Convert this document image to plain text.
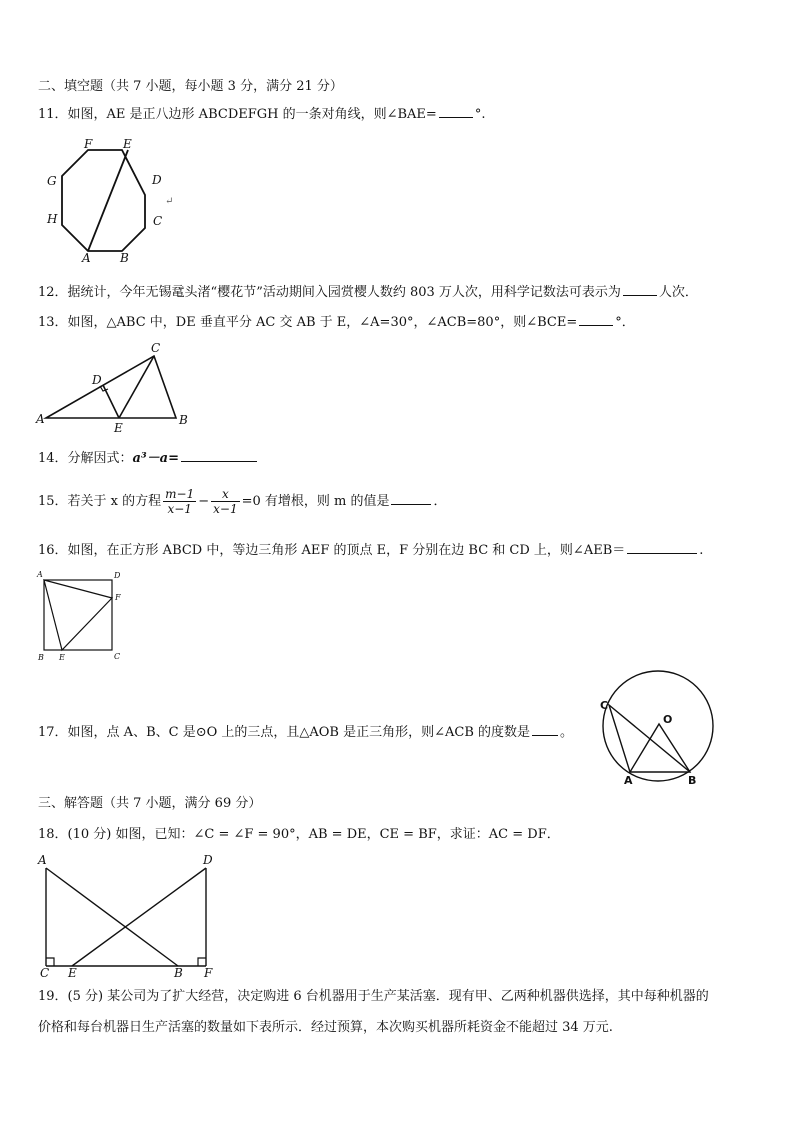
二、填空题（共 7 小题，每小题 3 分，满分 21 分）
11．如图，AE 是正八边形 ABCDEFGH 的一条对角线，则∠BAE=	°.
A B
C
D
E
F
G
H
↵
12．据统计，今年无锡鼋头渚“樱花节”活动期间入园赏樱人数约 803 万人次，用科学记数法可表示为	人次．
13．如图，△ABC 中，DE 垂直平分 AC 交 AB 于 E，∠A=30°，∠ACB=80°，则∠BCE=	°．
A	B
C
D
E
14．分解因式：a³－a=
15．若关于 x 的方程 $\frac{m-1}{x-1} - \frac{x}{x-1} =0$ 有增根，则 m 的值是	．
16．如图，在正方形 ABCD 中，等边三角形 AEF 的顶点 E，F 分别在边 BC 和 CD 上，则∠AEB＝	.
A	D
F
B E	C
17．如图，点 A、B、C 是⊙O 上的三点，且△AOB 是正三角形，则∠ACB 的度数是 。
C
O
A	B
三、解答题（共 7 小题，满分 69 分）
18．(10 分) 如图，已知：∠C = ∠F = 90°，AB = DE，CE = BF，求证：AC = DF．
A	D
C E	B F
19．(5 分) 某公司为了扩大经营，决定购进 6 台机器用于生产某活塞．现有甲、乙两种机器供选择，其中每种机器的
价格和每台机器日生产活塞的数量如下表所示．经过预算，本次购买机器所耗资金不能超过 34 万元.
